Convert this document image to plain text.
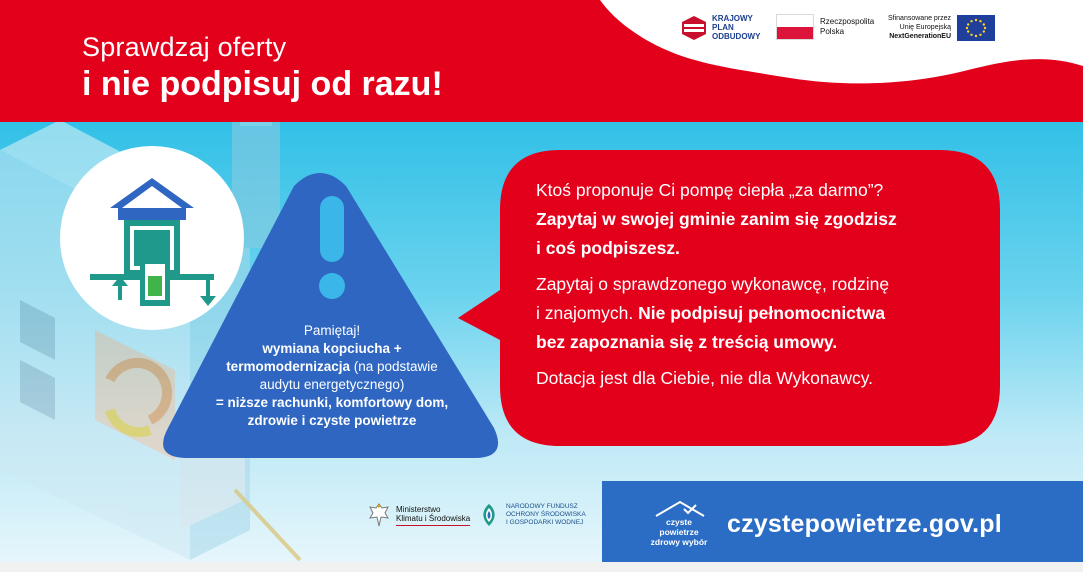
Sprawdzaj oferty
i nie podpisuj od razu!
KRAJOWY
PLAN
ODBUDOWY
Rzeczpospolita
Polska
Sfinansowane przez
Unię Europejską
NextGenerationEU
Pamiętaj!
wymiana kopciucha +
termomodernizacja (na podstawie
audytu energetycznego)
= niższe rachunki, komfortowy dom,
zdrowie i czyste powietrze

Ktoś proponuje Ci pompę ciepła „za darmo”?

Zapytaj w swojej gminie zanim się zgodzisz

i coś podpiszesz.

Zapytaj o sprawdzonego wykonawcę, rodzinę

i znajomych. Nie podpisuj pełnomocnictwa

bez zapoznania się z treścią umowy.

Dotacja jest dla Ciebie, nie dla Wykonawcy.

Ministerstwo
Klimatu i Środowiska
NARODOWY FUNDUSZ
OCHRONY ŚRODOWISKA
I GOSPODARKI WODNEJ	czyste powietrze
zdrowy wybór
czystepowietrze.gov.pl
